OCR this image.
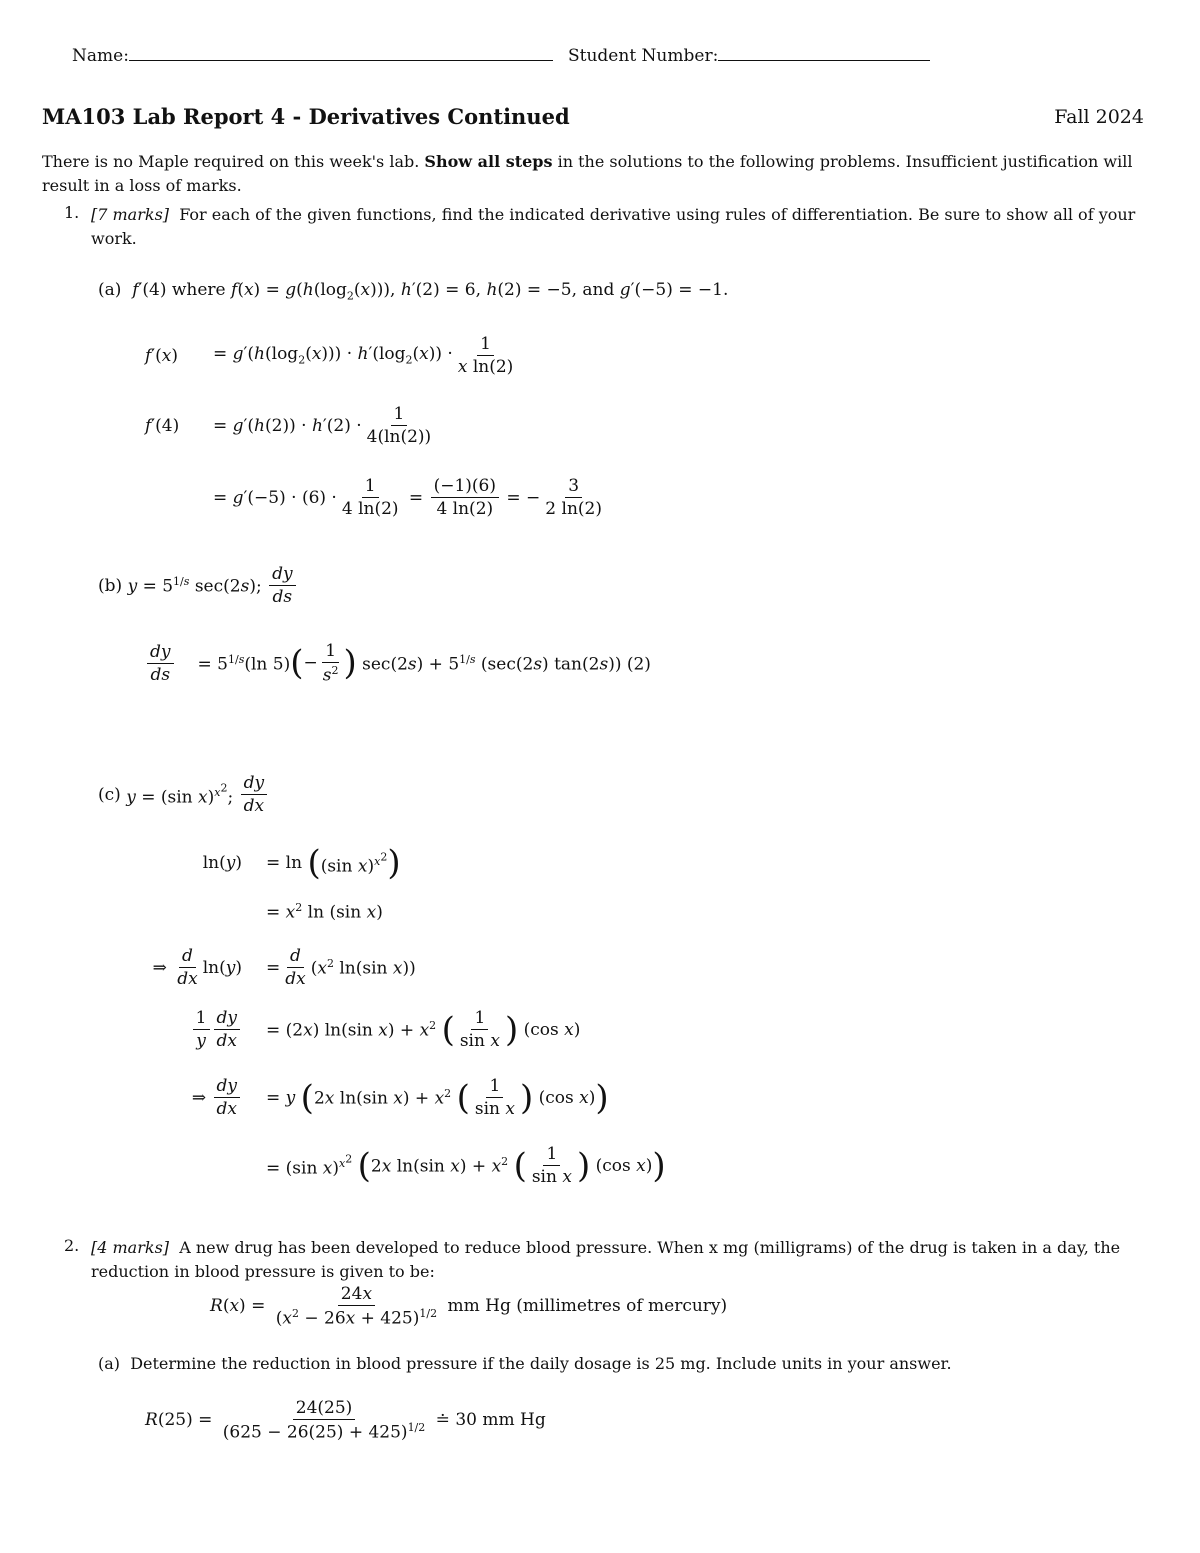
Name:	Student Number:
MA103 Lab Report 4 - Derivatives Continued	Fall 2024
There is no Maple required on this week's lab. Show all steps in the solutions to the following problems. Insufficient justification will result in a loss of marks.
1. [7 marks] For each of the given functions, find the indicated derivative using rules of differentiation. Be sure to show all of your work.
(a) f′(4) where $f(x) = g(h(\log_2(x)))$, h′(2) = 6, h(2) = −5, and g′(−5) = −1.
f ′( x )	= $g'(h(\log_2(x))) \cdot h'(\log_2(x)) \cdot \frac{1}{\text{x ln(2)}}$
f ′(4)	= $g'(h(2)) \cdot h'(2) \cdot \frac{1}{4(\ln(2))}$
= $g'(-5) \cdot (6) \cdot \frac{1}{4 \ln(2)} = \frac{(-1)(6)}{4 \ln(2)}$ = − $\frac{3}{2 \ln(2)}$
(b)
$y = 5^{1/s}$ sec(2s); $\frac{dy}{ds}$
$\frac{dy}{ds} = 5^{1/s}(\ln$ 5) ( − $\frac{1}{s^2}$ ) $\sec(2s) + 5^{1/s}$ (sec(2s) tan(2s)) (2)
(c)
y = (sin x)$^{x^2}$; $\frac{dy}{dx}$
ln( y ) = ln ( (sin x)$^{x^2}$ )
= $x^2$ ln (sin x)
⇒ $\frac{d}{dx} \ln$( y ) = $\frac{d}{dx} (x^2$ ln(sin x))
$\frac{1}{y} \frac{dy}{dx} = (2x)$ ln(sin $x) + x^2$ ( $\frac{1}{\text{sin x}}$ ) (cos x)
⇒ $\frac{dy}{dx} = y$ ( 2x ln(sin $x) + x^2$ ( $\frac{1}{\text{sin x}}$ ) (cos x) )
= (sin x)$^{x^2}$ ( 2x ln(sin $x) + x^2$ ( $\frac{1}{\text{sin x}}$ ) (cos x) )
2. [4 marks] A new drug has been developed to reduce blood pressure. When x mg (milligrams) of the drug is taken in a day, the reduction in blood pressure is given to be:
$R(x) = \frac{24x}{(x^2 - 26x + 425)^{1/2}}$ mm Hg (millimetres of mercury)
(a) Determine the reduction in blood pressure if the daily dosage is 25 mg. Include units in your answer.
$R(25) = \frac{24(25)}{(625 - 26(25) + 425)^{1/2}}$ ≐ 30 mm Hg
